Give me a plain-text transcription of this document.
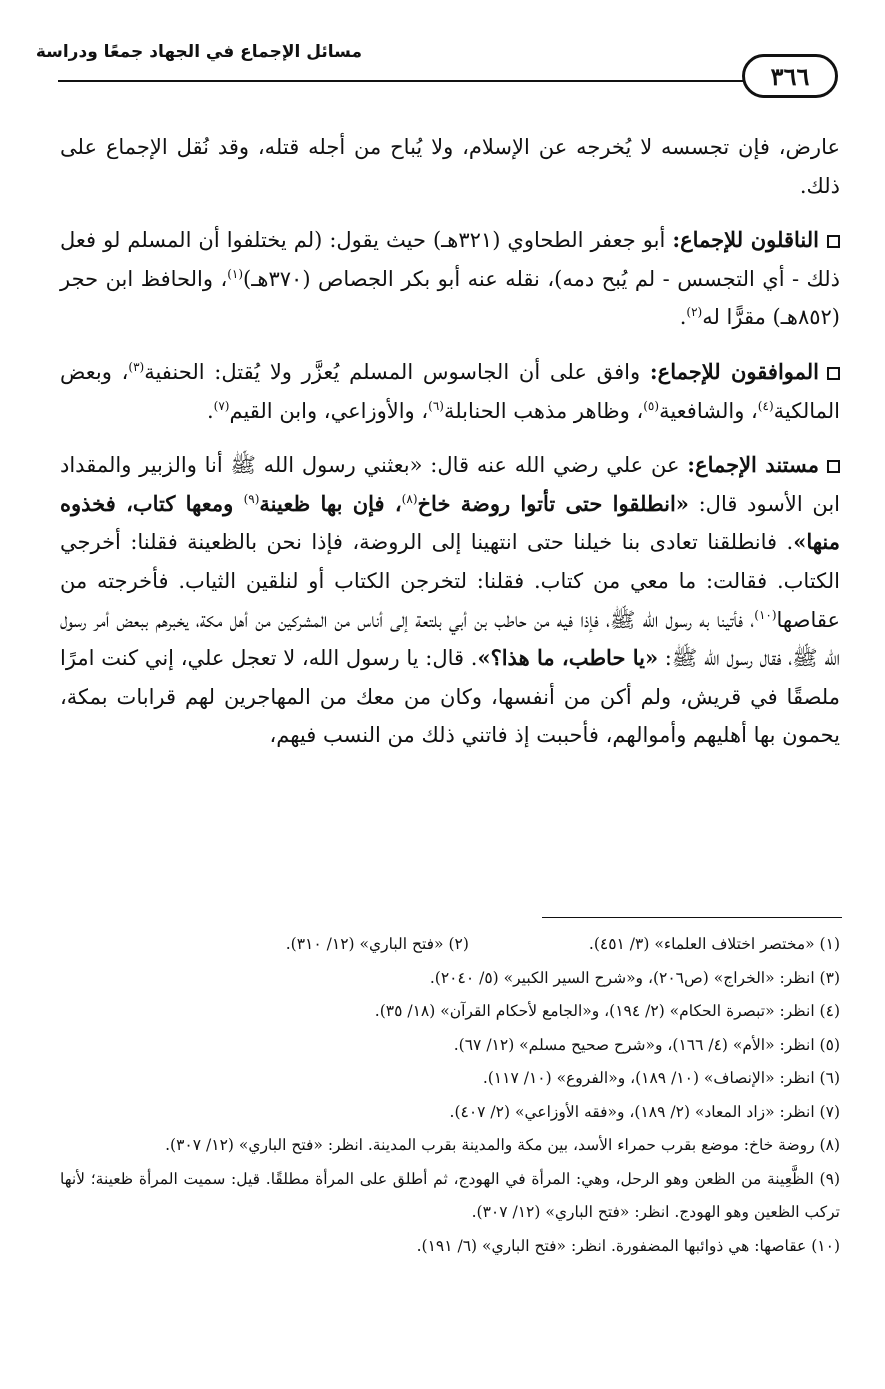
مسائل الإجماع في الجهاد جمعًا ودراسة
٣٦٦

عارض، فإن تجسسه لا يُخرجه عن الإسلام، ولا يُباح من أجله قتله، وقد نُقل الإجماع على ذلك.

الناقلون للإجماع: أبو جعفر الطحاوي (٣٢١هـ) حيث يقول: (لم يختلفوا أن المسلم لو فعل ذلك - أي التجسس - لم يُبح دمه)، نقله عنه أبو بكر الجصاص (٣٧٠هـ)$^{(١)}$، والحافظ ابن حجر (٨٥٢هـ) مقرًّا له$^{(٢)}$.

الموافقون للإجماع: وافق على أن الجاسوس المسلم يُعزَّر ولا يُقتل: الحنفية$^{(٣)}$، وبعض المالكية$^{(٤)}$، والشافعية$^{(٥)}$، وظاهر مذهب الحنابلة$^{(٦)}$، والأوزاعي، وابن القيم$^{(٧)}$.

مستند الإجماع: عن علي رضي الله عنه قال: «بعثني رسول الله ﷺ أنا والزبير والمقداد ابن الأسود قال: «انطلقوا حتى تأتوا روضة خاخ$^{(٨)}$، فإن بها ظعينة$^{(٩)}$ ومعها كتاب، فخذوه منها». فانطلقنا تعادى بنا خيلنا حتى انتهينا إلى الروضة، فإذا نحن بالظعينة فقلنا: أخرجي الكتاب. فقالت: ما معي من كتاب. فقلنا: لتخرجن الكتاب أو لنلقين الثياب. فأخرجته من عقاصها$^{(١٠)}$، فأتينا به رسول الله ﷺ، فإذا فيه من حاطب بن أبي بلتعة إلى أناس من المشركين من أهل مكة، يخبرهم ببعض أمر رسول الله ﷺ، فقال رسول الله ﷺ: «يا حاطب، ما هذا؟». قال: يا رسول الله، لا تعجل علي، إني كنت امرًا ملصقًا في قريش، ولم أكن من أنفسها، وكان من معك من المهاجرين لهم قرابات بمكة، يحمون بها أهليهم وأموالهم، فأحببت إذ فاتني ذلك من النسب فيهم،

(١) «مختصر اختلاف العلماء» (٣/ ٤٥١).

(٢) «فتح الباري» (١٢/ ٣١٠).

(٣) انظر: «الخراج» (ص٢٠٦)، و«شرح السير الكبير» (٥/ ٢٠٤٠).

(٤) انظر: «تبصرة الحكام» (٢/ ١٩٤)، و«الجامع لأحكام القرآن» (١٨/ ٣٥).

(٥) انظر: «الأم» (٤/ ١٦٦)، و«شرح صحيح مسلم» (١٢/ ٦٧).

(٦) انظر: «الإنصاف» (١٠/ ١٨٩)، و«الفروع» (١٠/ ١١٧).

(٧) انظر: «زاد المعاد» (٢/ ١٨٩)، و«فقه الأوزاعي» (٢/ ٤٠٧).

(٨) روضة خاخ: موضع بقرب حمراء الأسد، بين مكة والمدينة بقرب المدينة. انظر: «فتح الباري» (١٢/ ٣٠٧).

(٩) الظَّعِينة من الظعن وهو الرحل، وهي: المرأة في الهودج، ثم أطلق على المرأة مطلقًا. قيل: سميت المرأة ظعينة؛ لأنها تركب الظعين وهو الهودج. انظر: «فتح الباري» (١٢/ ٣٠٧).

(١٠) عقاصها: هي ذوائبها المضفورة. انظر: «فتح الباري» (٦/ ١٩١).
